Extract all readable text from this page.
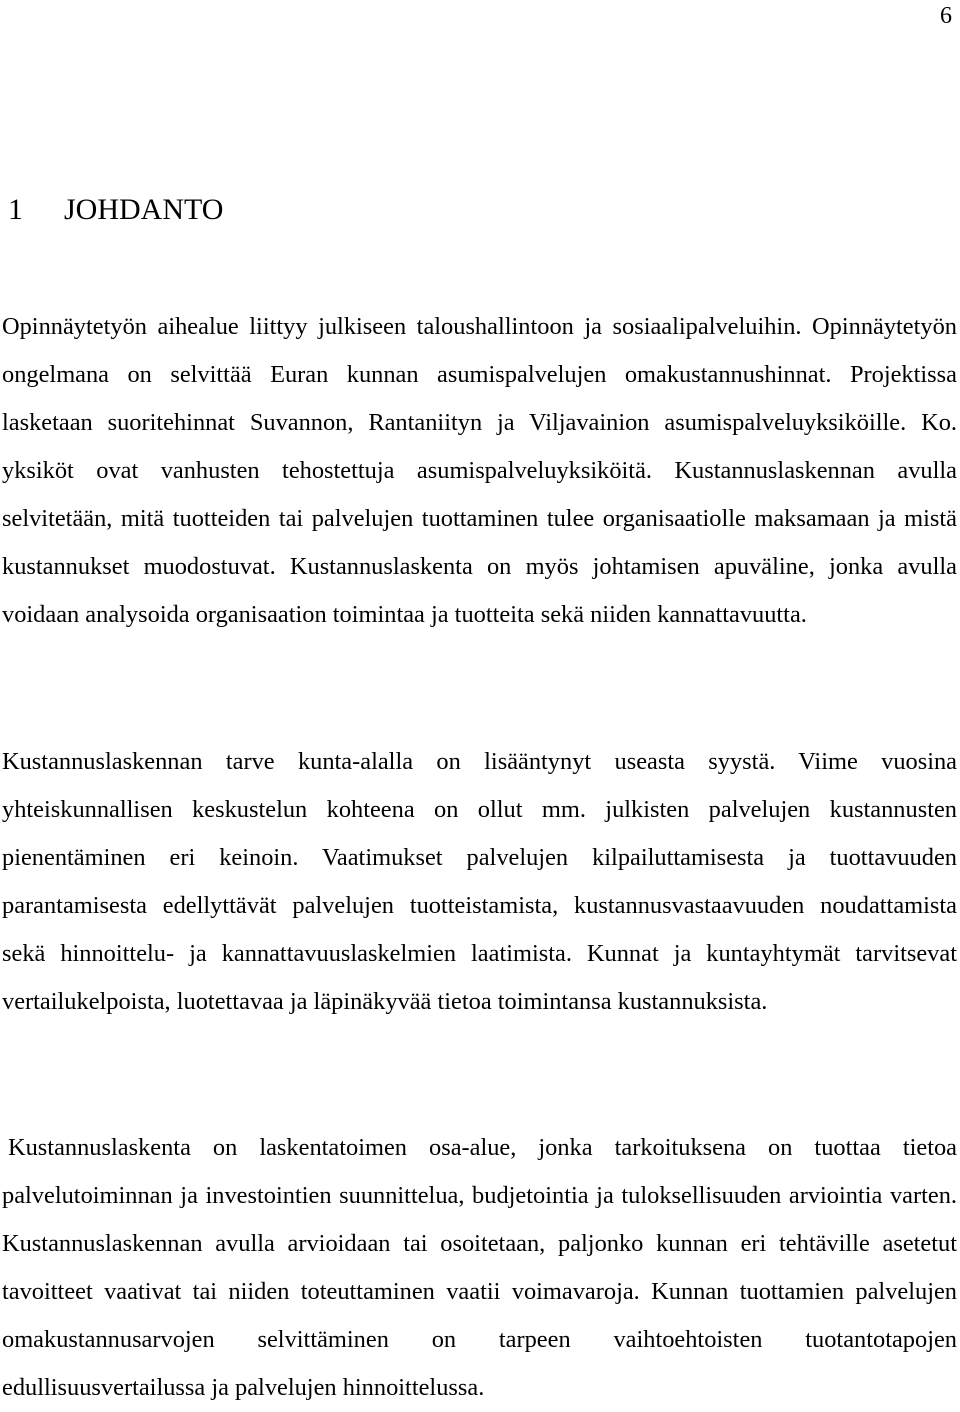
6
1 JOHDANTO

Opinnäytetyön aihealue liittyy julkiseen taloushallintoon ja sosiaalipalveluihin. Opinnäytetyön ongelmana on selvittää Euran kunnan asumispalvelujen omakustannushinnat. Projektissa lasketaan suoritehinnat Suvannon, Rantaniityn ja Viljavainion asumispalveluyksiköille. Ko. yksiköt ovat vanhusten tehostettuja asumispalveluyksiköitä. Kustannuslaskennan avulla selvitetään, mitä tuotteiden tai palvelujen tuottaminen tulee organisaatiolle maksamaan ja mistä kustannukset muodostuvat. Kustannuslaskenta on myös johtamisen apuväline, jonka avulla voidaan analysoida organisaation toimintaa ja tuotteita sekä niiden kannattavuutta.

Kustannuslaskennan tarve kunta-alalla on lisääntynyt useasta syystä. Viime vuosina yhteiskunnallisen keskustelun kohteena on ollut mm. julkisten palvelujen kustannusten pienentäminen eri keinoin. Vaatimukset palvelujen kilpailuttamisesta ja tuottavuuden parantamisesta edellyttävät palvelujen tuotteistamista, kustannusvastaavuuden noudattamista sekä hinnoittelu- ja kannattavuuslaskelmien laatimista. Kunnat ja kuntayhtymät tarvitsevat vertailukelpoista, luotettavaa ja läpinäkyvää tietoa toimintansa kustannuksista.

Kustannuslaskenta on laskentatoimen osa-alue, jonka tarkoituksena on tuottaa tietoa palvelutoiminnan ja investointien suunnittelua, budjetointia ja tuloksellisuuden arviointia varten. Kustannuslaskennan avulla arvioidaan tai osoitetaan, paljonko kunnan eri tehtäville asetetut tavoitteet vaativat tai niiden toteuttaminen vaatii voimavaroja. Kunnan tuottamien palvelujen omakustannusarvojen selvittäminen on tarpeen vaihtoehtoisten tuotantotapojen edullisuusvertailussa ja palvelujen hinnoittelussa.
